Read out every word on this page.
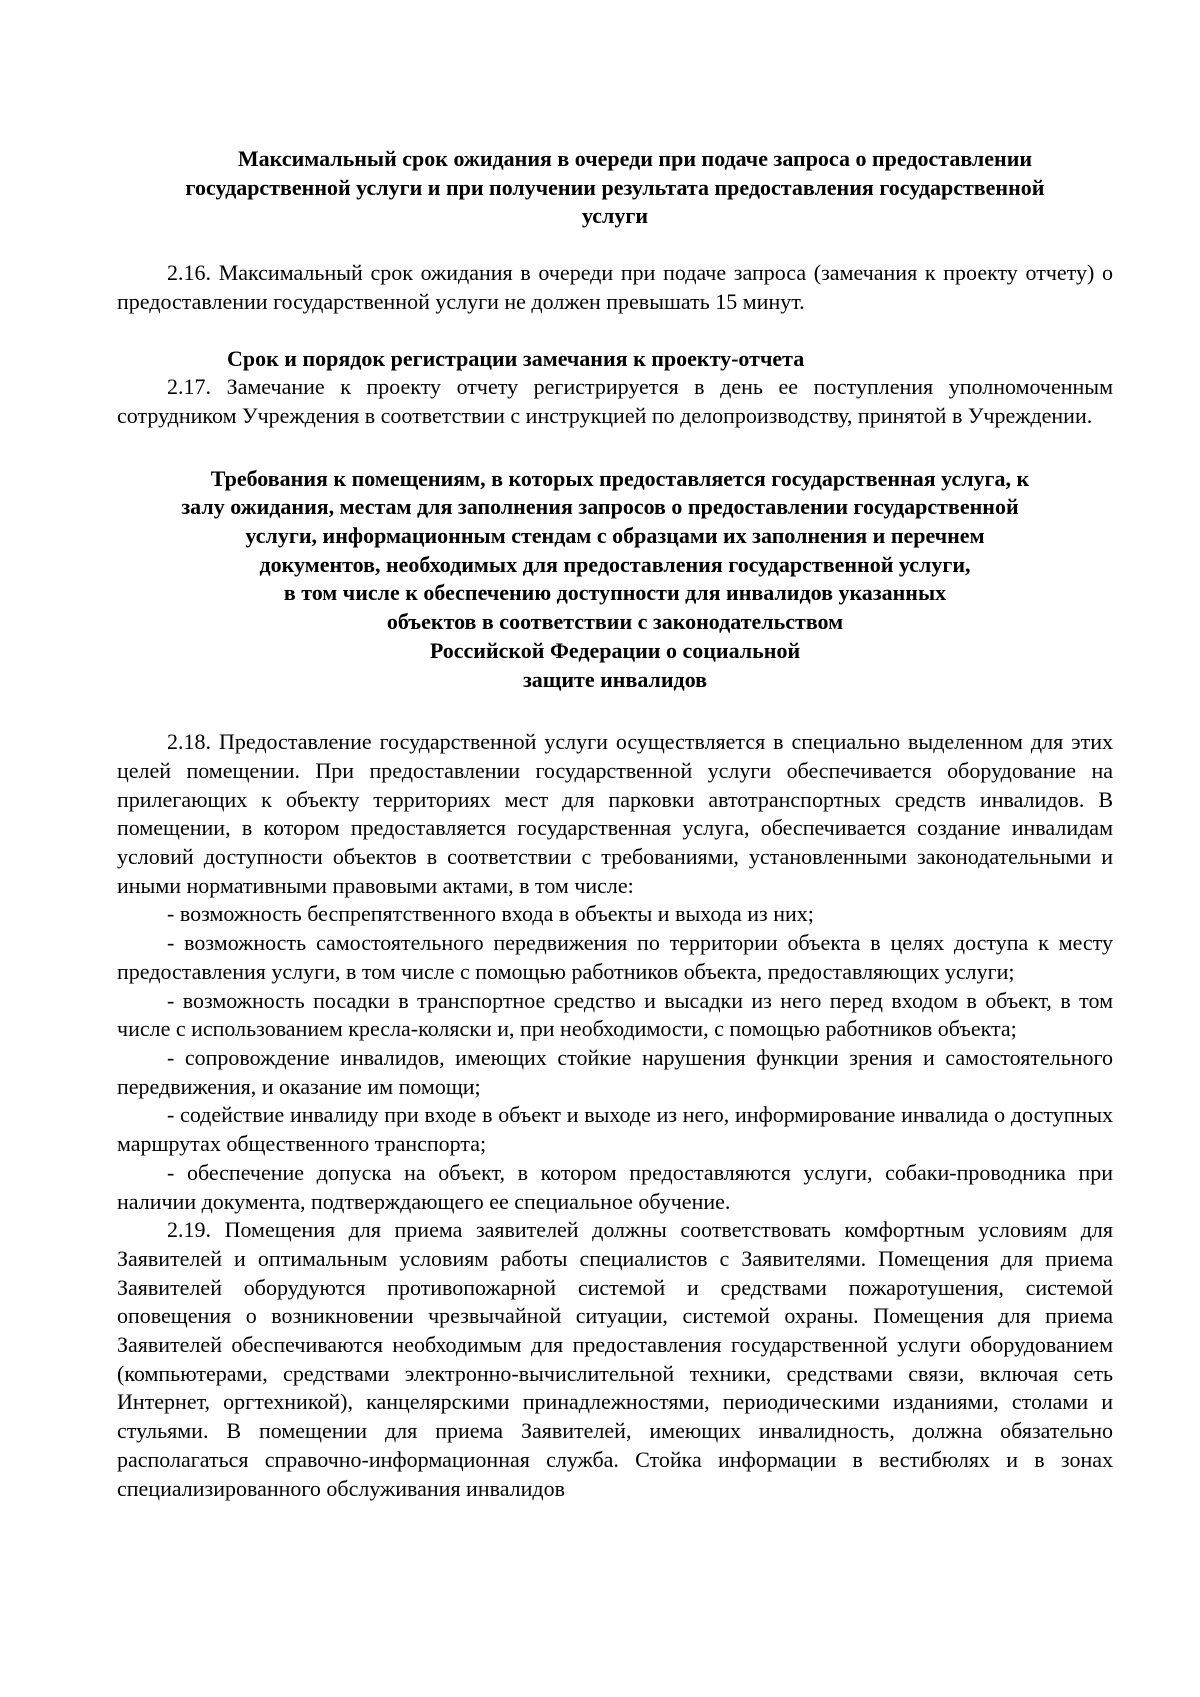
Максимальный срок ожидания в очереди при подаче запроса о предоставлении
государственной услуги и при получении результата предоставления государственной
услуги

2.16. Максимальный срок ожидания в очереди при подаче запроса (замечания к проекту отчету) о предоставлении государственной услуги не должен превышать 15 минут.

Срок и порядок регистрации замечания к проекту-отчета

2.17. Замечание к проекту отчету регистрируется в день ее поступления уполномоченным сотрудником Учреждения в соответствии с инструкцией по делопроизводству, принятой в Учреждении.

Требования к помещениям, в которых предоставляется государственная услуга, к
залу ожидания, местам для заполнения запросов о предоставлении государственной
услуги, информационным стендам с образцами их заполнения и перечнем
документов, необходимых для предоставления государственной услуги,
в том числе к обеспечению доступности для инвалидов указанных
объектов в соответствии с законодательством
Российской Федерации о социальной
защите инвалидов

2.18. Предоставление государственной услуги осуществляется в специально выделенном для этих целей помещении. При предоставлении государственной услуги обеспечивается оборудование на прилегающих к объекту территориях мест для парковки автотранспортных средств инвалидов. В помещении, в котором предоставляется государственная услуга, обеспечивается создание инвалидам условий доступности объектов в соответствии с требованиями, установленными законодательными и иными нормативными правовыми актами, в том числе:

- возможность беспрепятственного входа в объекты и выхода из них;

- возможность самостоятельного передвижения по территории объекта в целях доступа к месту предоставления услуги, в том числе с помощью работников объекта, предоставляющих услуги;

- возможность посадки в транспортное средство и высадки из него перед входом в объект, в том числе с использованием кресла-коляски и, при необходимости, с помощью работников объекта;

- сопровождение инвалидов, имеющих стойкие нарушения функции зрения и самостоятельного передвижения, и оказание им помощи;

- содействие инвалиду при входе в объект и выходе из него, информирование инвалида о доступных маршрутах общественного транспорта;

- обеспечение допуска на объект, в котором предоставляются услуги, собаки-проводника при наличии документа, подтверждающего ее специальное обучение.

2.19. Помещения для приема заявителей должны соответствовать комфортным условиям для Заявителей и оптимальным условиям работы специалистов с Заявителями. Помещения для приема Заявителей оборудуются противопожарной системой и средствами пожаротушения, системой оповещения о возникновении чрезвычайной ситуации, системой охраны. Помещения для приема Заявителей обеспечиваются необходимым для предоставления государственной услуги оборудованием (компьютерами, средствами электронно-вычислительной техники, средствами связи, включая сеть Интернет, оргтехникой), канцелярскими принадлежностями, периодическими изданиями, столами и стульями. В помещении для приема Заявителей, имеющих инвалидность, должна обязательно располагаться справочно-информационная служба. Стойка информации в вестибюлях и в зонах специализированного обслуживания инвалидов
